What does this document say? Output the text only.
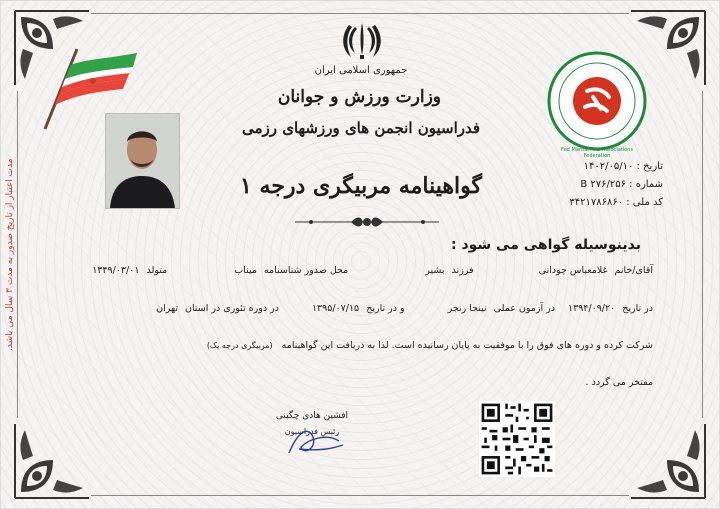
جمهوری اسلامی ایران
وزارت ورزش و جوانان
فدراسیون انجمن های ورزشهای رزمی
Fed Martial Arts Associations Federation
تاریخ : ۱۴۰۲/۰۵/۱۰
شماره : B ۲۷۶/۲۵۶
کد ملی : ۳۴۲۱۷۸۶۸۶۰
گواهینامه مربیگری درجه ۱
بدینوسیله گواهی می شود :
آقای/خانم غلامعباس چودانی فرزند بشیر محل صدور شناسنامه میناب متولد ۱۳۴۹/۰۳/۰۱
در تاریخ ۱۳۹۴/۰۹/۲۰ در آزمون عملی نینجا رنجر و در تاریخ ۱۳۹۵/۰۷/۱۵ در دوره تئوری در استان تهران
شرکت کرده و دوره های فوق را با موفقیت به پایان رسانیده است. لذا به دریافت این گواهینامه (مربیگری درجه یک)
مفتخر می گردد .
افشین هادی چگینی
رئیس فدراسیون
مدت اعتبار از تاریخ صدور به مدت ۳ سال می باشد.
